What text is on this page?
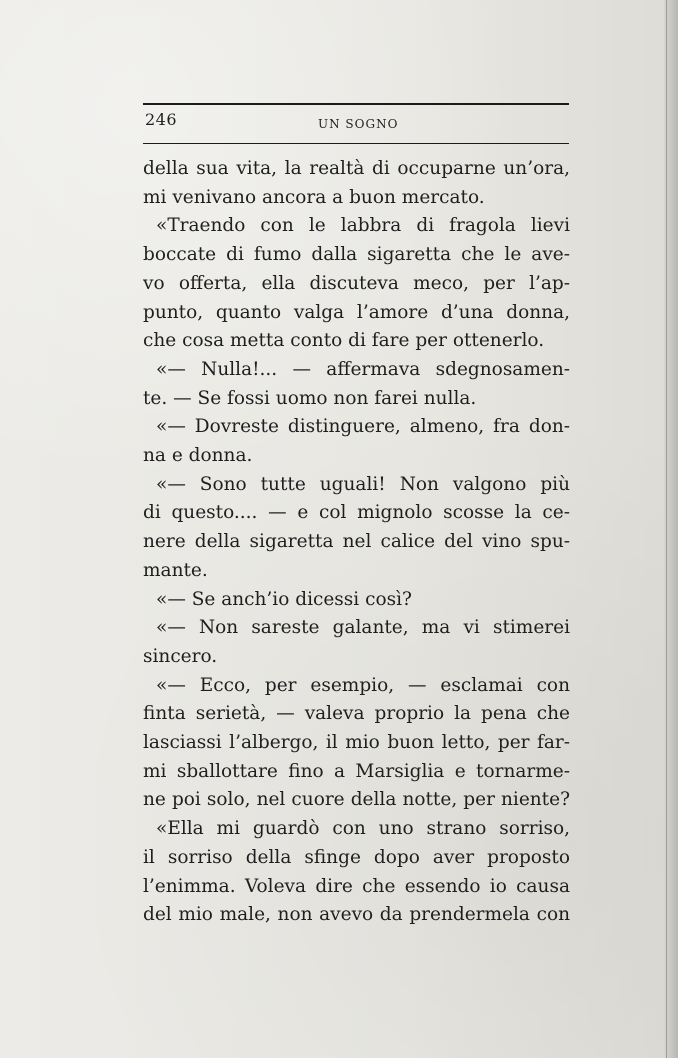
246	UN SOGNO
della sua vita, la realtà di occuparne un’ora,
mi venivano ancora a buon mercato.
«Traendo con le labbra di fragola lievi
boccate di fumo dalla sigaretta che le ave-
vo offerta, ella discuteva meco, per l’ap-
punto, quanto valga l’amore d’una donna,
che cosa metta conto di fare per ottenerlo.
«— Nulla!... — affermava sdegnosamen-
te. — Se fossi uomo non farei nulla.
«— Dovreste distinguere, almeno, fra don-
na e donna.
«— Sono tutte uguali! Non valgono più
di questo.... — e col mignolo scosse la ce-
nere della sigaretta nel calice del vino spu-
mante.
«— Se anch’io dicessi così?
«— Non sareste galante, ma vi stimerei
sincero.
«— Ecco, per esempio, — esclamai con
finta serietà, — valeva proprio la pena che
lasciassi l’albergo, il mio buon letto, per far-
mi sballottare fino a Marsiglia e tornarme-
ne poi solo, nel cuore della notte, per niente?
«Ella mi guardò con uno strano sorriso,
il sorriso della sfinge dopo aver proposto
l’enimma. Voleva dire che essendo io causa
del mio male, non avevo da prendermela con
